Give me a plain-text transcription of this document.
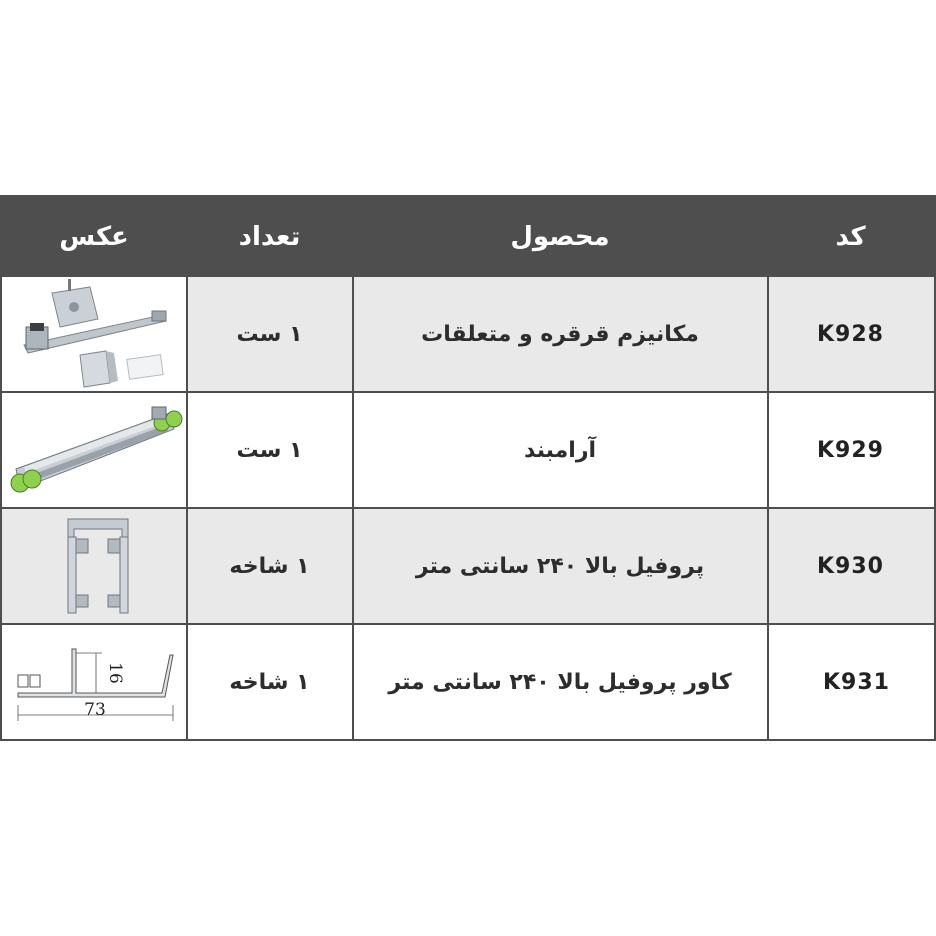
کد
محصول
تعداد
عکس
K928
مکانیزم قرقره و متعلقات
۱ ست
K929
آرامبند
۱ ست
K930
پروفیل بالا ۲۴۰ سانتی متر
۱ شاخه
K931
کاور پروفیل بالا ۲۴۰ سانتی متر
۱ شاخه
16
73
